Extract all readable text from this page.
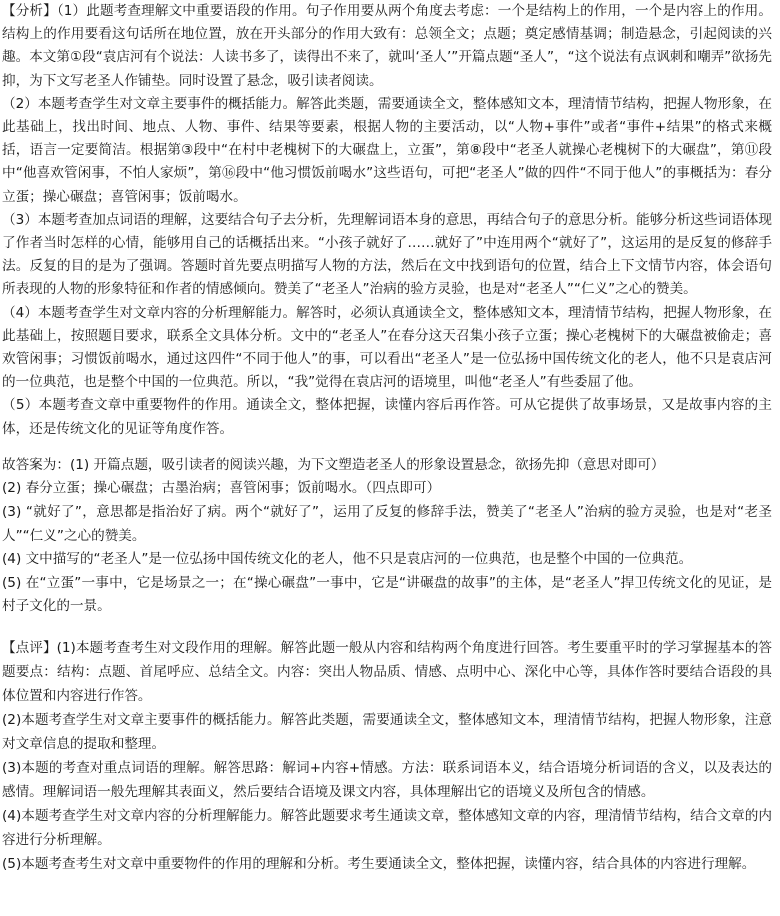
【分析】（1）此题考查理解文中重要语段的作用。句子作用要从两个角度去考虑：一个是结构上的作用，一个是内容上的作用。结构上的作用要看这句话所在地位置，放在开头部分的作用大致有：总领全文；点题；奠定感情基调；制造悬念，引起阅读的兴趣。本文第①段“袁店河有个说法：人读书多了，读得出不来了，就叫‘圣人’”开篇点题“圣人”，“这个说法有点讽刺和嘲弄”欲扬先抑，为下文写老圣人作铺垫。同时设置了悬念，吸引读者阅读。

（2）本题考查学生对文章主要事件的概括能力。解答此类题，需要通读全文，整体感知文本，理清情节结构，把握人物形象，在此基础上，找出时间、地点、人物、事件、结果等要素，根据人物的主要活动，以“人物+事件”或者“事件+结果”的格式来概括，语言一定要简洁。根据第③段中“在村中老槐树下的大碾盘上，立蛋”，第⑧段中“老圣人就操心老槐树下的大碾盘”，第⑪段中“他喜欢管闲事，不怕人家烦”，第⑯段中“他习惯饭前喝水”这些语句，可把“老圣人”做的四件“不同于他人”的事概括为：春分立蛋；操心碾盘；喜管闲事；饭前喝水。

（3）本题考查加点词语的理解，这要结合句子去分析，先理解词语本身的意思，再结合句子的意思分析。能够分析这些词语体现了作者当时怎样的心情，能够用自己的话概括出来。“小孩子就好了……就好了”中连用两个“就好了”，这运用的是反复的修辞手法。反复的目的是为了强调。答题时首先要点明描写人物的方法，然后在文中找到语句的位置，结合上下文情节内容，体会语句所表现的人物的形象特征和作者的情感倾向。赞美了“老圣人”治病的验方灵验，也是对“老圣人”“仁义”之心的赞美。

（4）本题考查学生对文章内容的分析理解能力。解答时，必须认真通读全文，整体感知文本，理清情节结构，把握人物形象，在此基础上，按照题目要求，联系全文具体分析。文中的“老圣人”在春分这天召集小孩子立蛋；操心老槐树下的大碾盘被偷走；喜欢管闲事；习惯饭前喝水，通过这四件“不同于他人”的事，可以看出“老圣人”是一位弘扬中国传统文化的老人，他不只是袁店河的一位典范，也是整个中国的一位典范。所以，“我”觉得在袁店河的语境里，叫他“老圣人”有些委屈了他。

（5）本题考查文章中重要物件的作用。通读全文，整体把握，读懂内容后再作答。可从它提供了故事场景，又是故事内容的主体，还是传统文化的见证等角度作答。

故答案为：(1) 开篇点题，吸引读者的阅读兴趣，为下文塑造老圣人的形象设置悬念，欲扬先抑（意思对即可）

(2) 春分立蛋；操心碾盘；古墨治病；喜管闲事；饭前喝水。（四点即可）

(3) “就好了”，意思都是指治好了病。两个“就好了”，运用了反复的修辞手法，赞美了“老圣人”治病的验方灵验，也是对“老圣人”“仁义”之心的赞美。

(4) 文中描写的“老圣人”是一位弘扬中国传统文化的老人，他不只是袁店河的一位典范，也是整个中国的一位典范。

(5) 在“立蛋”一事中，它是场景之一；在“操心碾盘”一事中，它是“讲碾盘的故事”的主体，是“老圣人”捍卫传统文化的见证，是村子文化的一景。

【点评】(1)本题考查考生对文段作用的理解。解答此题一般从内容和结构两个角度进行回答。考生要重平时的学习掌握基本的答题要点：结构：点题、首尾呼应、总结全文。内容：突出人物品质、情感、点明中心、深化中心等，具体作答时要结合语段的具体位置和内容进行作答。

(2)本题考查学生对文章主要事件的概括能力。解答此类题，需要通读全文，整体感知文本，理清情节结构，把握人物形象，注意对文章信息的提取和整理。

(3)本题的考查对重点词语的理解。解答思路：解词+内容+情感。方法：联系词语本义，结合语境分析词语的含义，以及表达的感情。理解词语一般先理解其表面义，然后要结合语境及课文内容，具体理解出它的语境义及所包含的情感。

(4)本题考查学生对文章内容的分析理解能力。解答此题要求考生通读文章，整体感知文章的内容，理清情节结构，结合文章的内容进行分析理解。

(5)本题考查考生对文章中重要物件的作用的理解和分析。考生要通读全文，整体把握，读懂内容，结合具体的内容进行理解。
